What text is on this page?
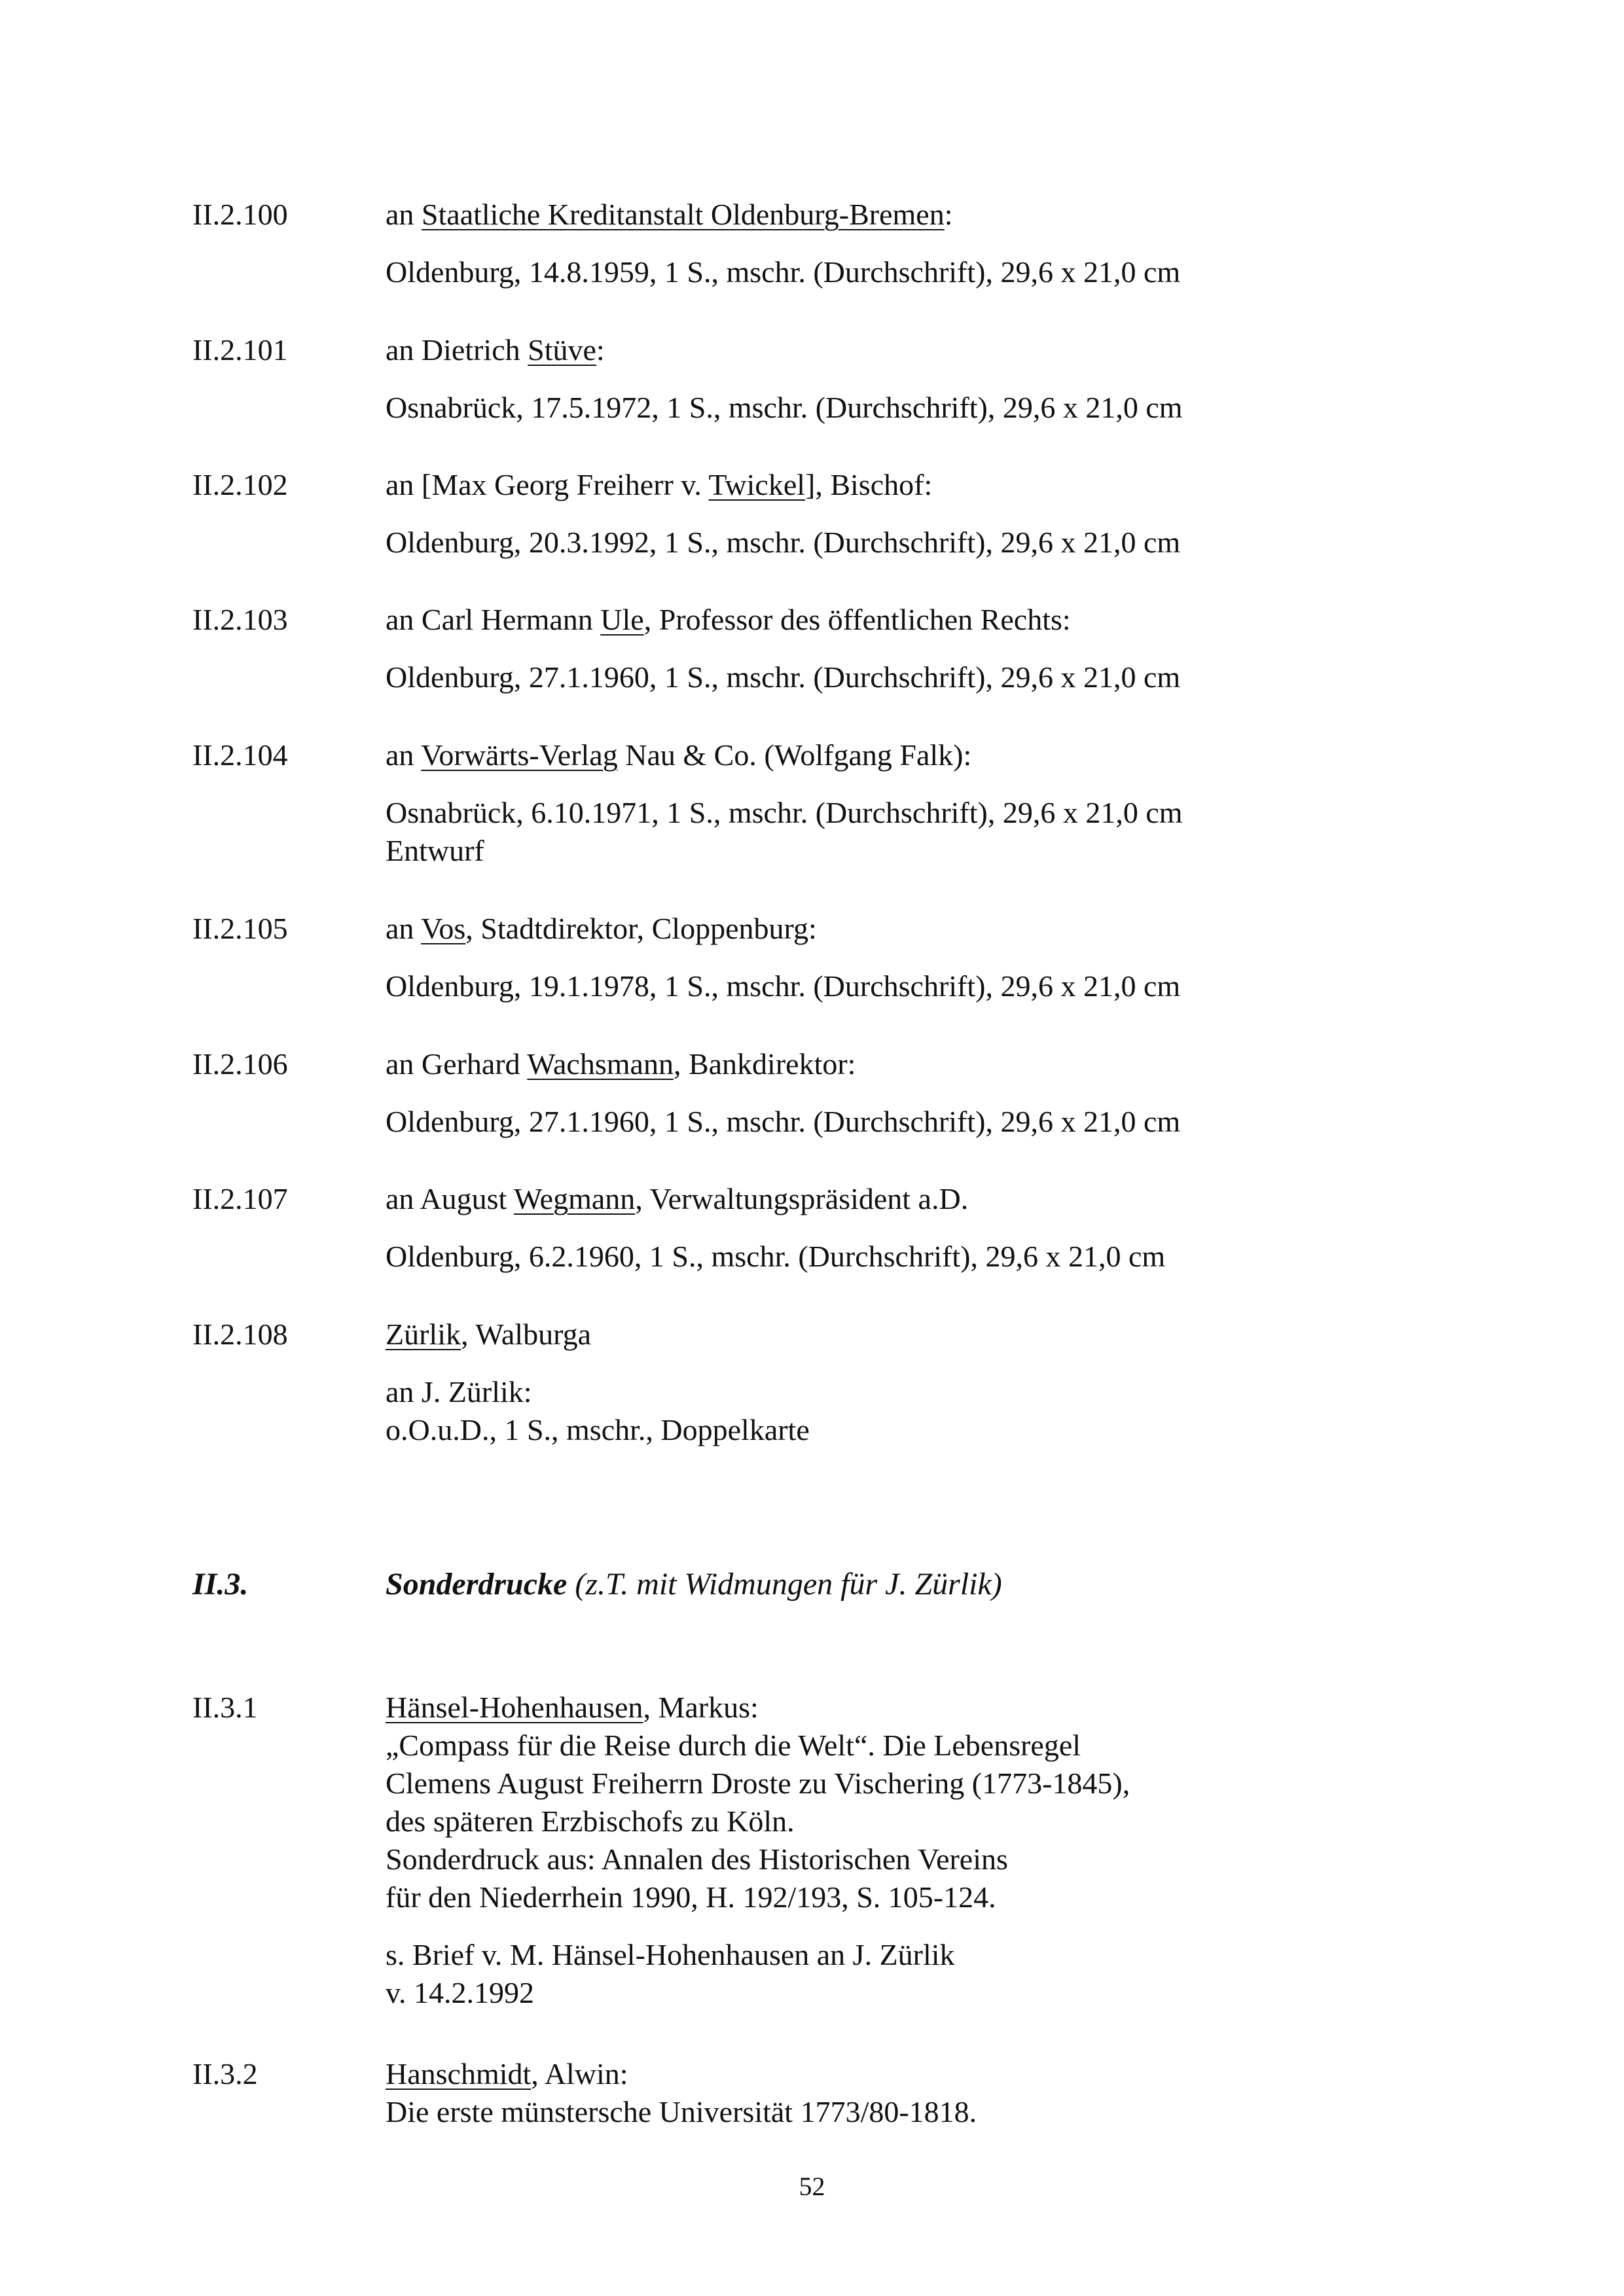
II.2.100	an Staatliche Kreditanstalt Oldenburg-Bremen:
Oldenburg, 14.8.1959, 1 S., mschr. (Durchschrift), 29,6 x 21,0 cm
II.2.101	an Dietrich Stüve:
Osnabrück, 17.5.1972, 1 S., mschr. (Durchschrift), 29,6 x 21,0 cm
II.2.102	an [Max Georg Freiherr v. Twickel], Bischof:
Oldenburg, 20.3.1992, 1 S., mschr. (Durchschrift), 29,6 x 21,0 cm
II.2.103	an Carl Hermann Ule, Professor des öffentlichen Rechts:
Oldenburg, 27.1.1960, 1 S., mschr. (Durchschrift), 29,6 x 21,0 cm
II.2.104	an Vorwärts-Verlag Nau & Co. (Wolfgang Falk):
Osnabrück, 6.10.1971, 1 S., mschr. (Durchschrift), 29,6 x 21,0 cm
Entwurf
II.2.105	an Vos, Stadtdirektor, Cloppenburg:
Oldenburg, 19.1.1978, 1 S., mschr. (Durchschrift), 29,6 x 21,0 cm
II.2.106	an Gerhard Wachsmann, Bankdirektor:
Oldenburg, 27.1.1960, 1 S., mschr. (Durchschrift), 29,6 x 21,0 cm
II.2.107	an August Wegmann, Verwaltungspräsident a.D.
Oldenburg, 6.2.1960, 1 S., mschr. (Durchschrift), 29,6 x 21,0 cm
II.2.108	Zürlik, Walburga
an J. Zürlik:
o.O.u.D., 1 S., mschr., Doppelkarte
II.3.	Sonderdrucke (z.T. mit Widmungen für J. Zürlik)
II.3.1	Hänsel-Hohenhausen, Markus:
„Compass für die Reise durch die Welt“. Die Lebensregel
Clemens August Freiherrn Droste zu Vischering (1773-1845),
des späteren Erzbischofs zu Köln.
Sonderdruck aus: Annalen des Historischen Vereins
für den Niederrhein 1990, H. 192/193, S. 105-124.
s. Brief v. M. Hänsel-Hohenhausen an J. Zürlik
v. 14.2.1992
II.3.2	Hanschmidt, Alwin:
Die erste münstersche Universität 1773/80-1818.
52
